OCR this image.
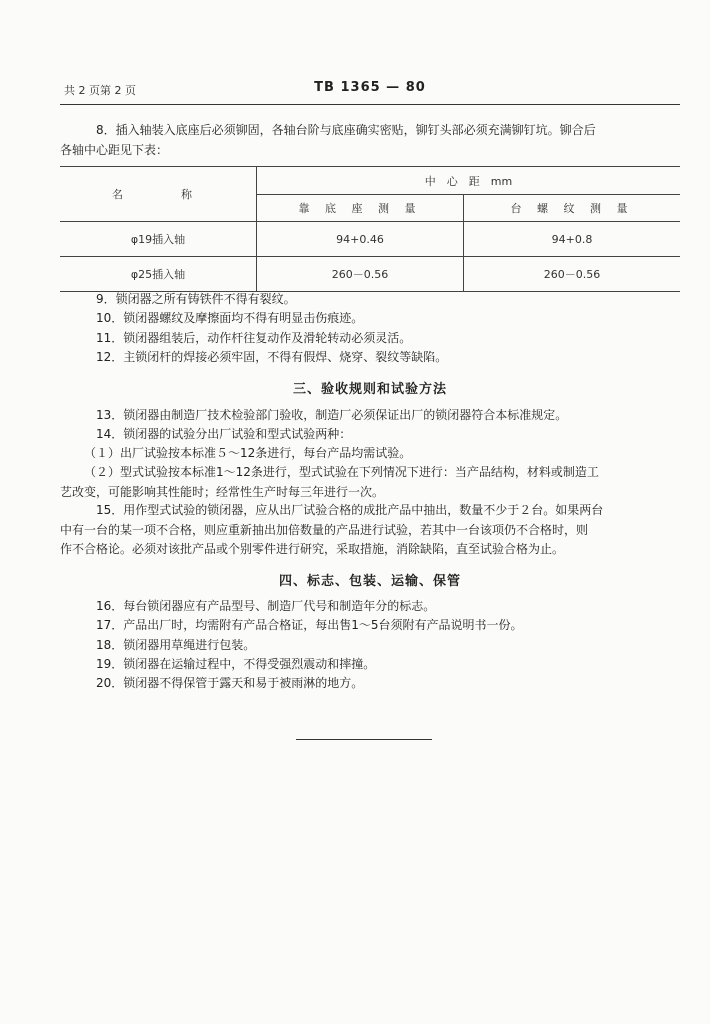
共 2 页第 2 页	TB 1365 — 80
8．插入轴装入底座后必须铆固，各轴台阶与底座确实密贴，铆钉头部必须充满铆钉坑。铆合后
各轴中心距见下表：
名　　称	中　心　距　mm	
	靠 底 座 测 量	台 螺 纹 测 量
φ19插入轴	94+0.46	94+0.8
φ25插入轴	260－0.56	260－0.56
9．锁闭器之所有铸铁件不得有裂纹。
10．锁闭器螺纹及摩擦面均不得有明显击伤痕迹。
11．锁闭器组装后，动作杆往复动作及滑轮转动必须灵活。
12．主锁闭杆的焊接必须牢固，不得有假焊、烧穿、裂纹等缺陷。
三、验收规则和试验方法
13．锁闭器由制造厂技术检验部门验收，制造厂必须保证出厂的锁闭器符合本标准规定。
14．锁闭器的试验分出厂试验和型式试验两种：
（１）出厂试验按本标准５～12条进行，每台产品均需试验。
（２）型式试验按本标准1～12条进行，型式试验在下列情况下进行：当产品结构，材料或制造工
艺改变，可能影响其性能时；经常性生产时每三年进行一次。
15．用作型式试验的锁闭器，应从出厂试验合格的成批产品中抽出，数量不少于２台。如果两台
中有一台的某一项不合格，则应重新抽出加倍数量的产品进行试验，若其中一台该项仍不合格时，则
作不合格论。必须对该批产品或个别零件进行研究，采取措施，消除缺陷，直至试验合格为止。
四、标志、包装、运输、保管
16．每台锁闭器应有产品型号、制造厂代号和制造年分的标志。
17．产品出厂时，均需附有产品合格证，每出售1～5台须附有产品说明书一份。
18．锁闭器用草绳进行包装。
19．锁闭器在运输过程中，不得受强烈震动和摔撞。
20．锁闭器不得保管于露天和易于被雨淋的地方。
